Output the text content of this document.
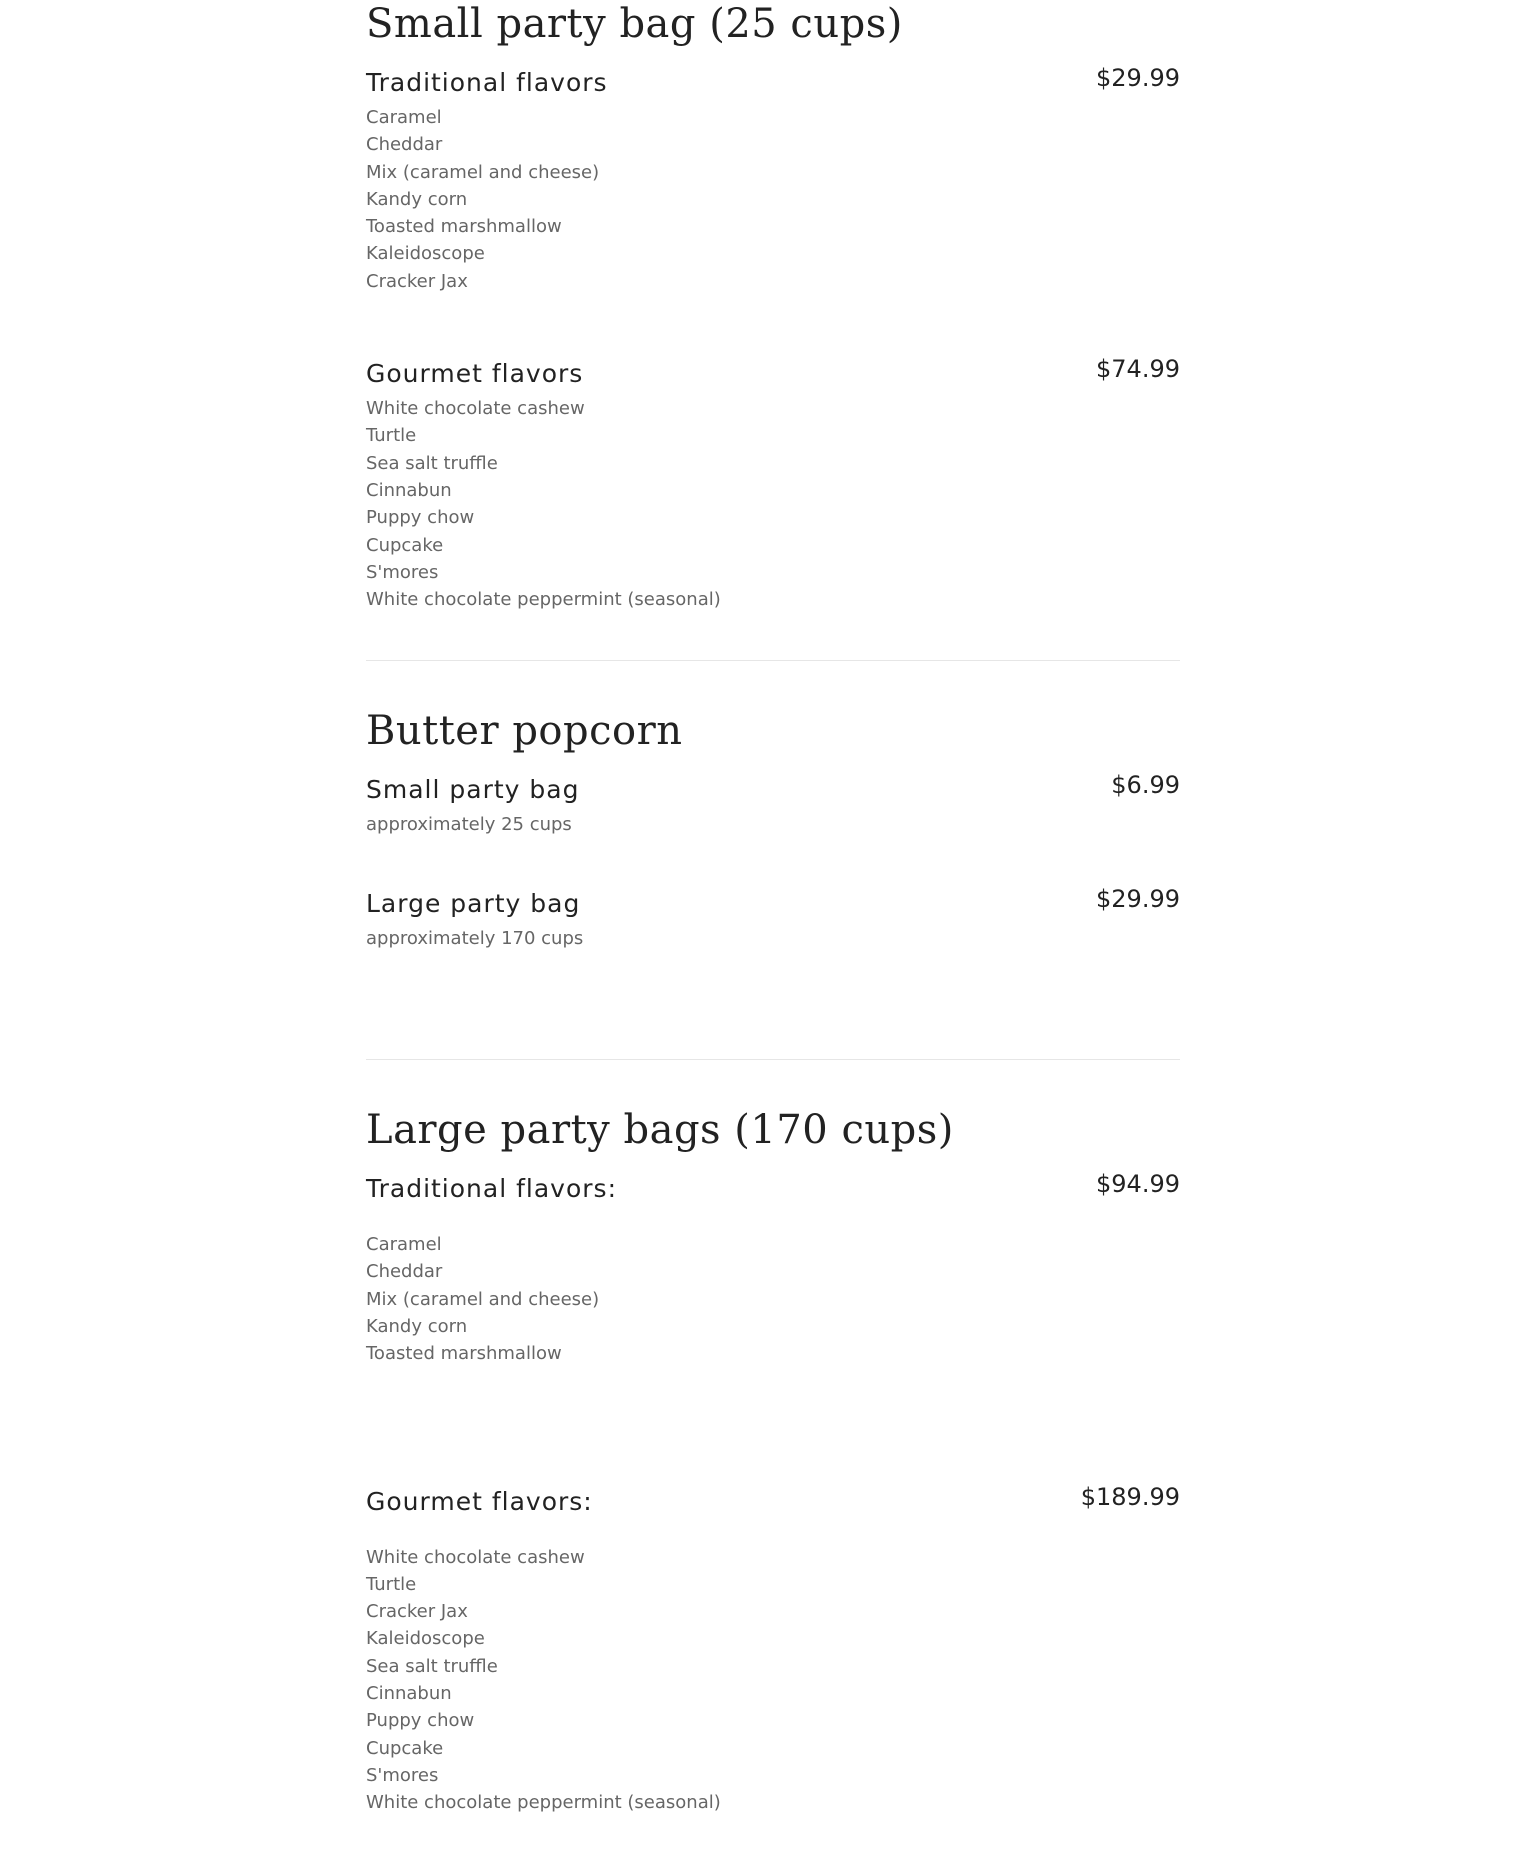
Small party bag (25 cups)
Traditional flavors	$29.99
Caramel
Cheddar
Mix (caramel and cheese)
Kandy corn
Toasted marshmallow
Kaleidoscope
Cracker Jax
Gourmet flavors	$74.99
White chocolate cashew
Turtle
Sea salt truffle
Cinnabun
Puppy chow
Cupcake
S'mores
White chocolate peppermint (seasonal)
Butter popcorn
Small party bag	$6.99
approximately 25 cups
Large party bag	$29.99
approximately 170 cups
Large party bags (170 cups)
Traditional flavors:	$94.99
Caramel
Cheddar
Mix (caramel and cheese)
Kandy corn
Toasted marshmallow
Gourmet flavors:	$189.99
White chocolate cashew
Turtle
Cracker Jax
Kaleidoscope
Sea salt truffle
Cinnabun
Puppy chow
Cupcake
S'mores
White chocolate peppermint (seasonal)
